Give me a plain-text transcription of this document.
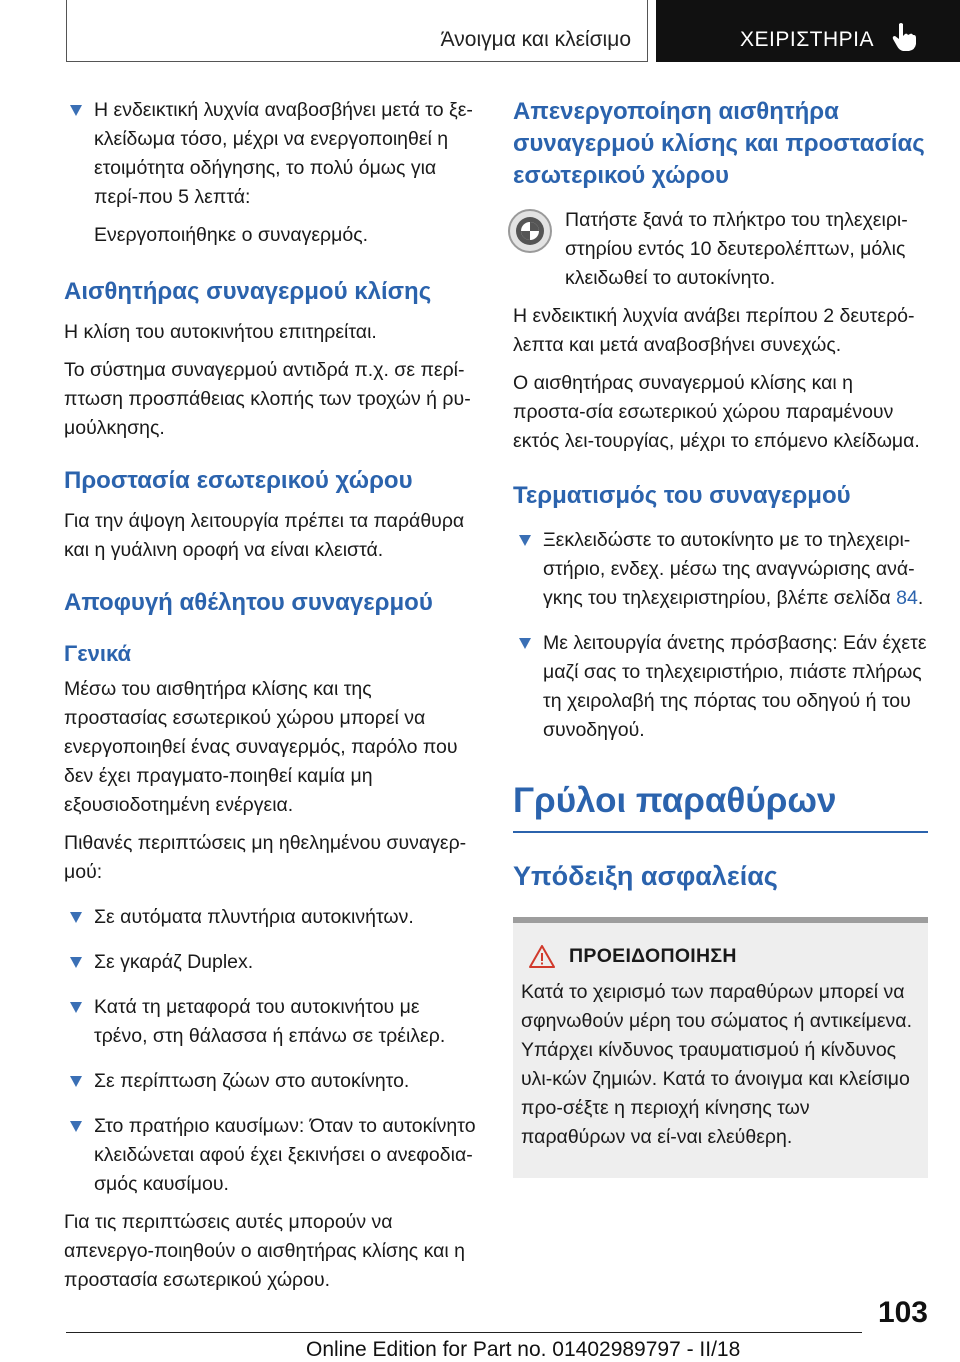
Άνοιγμα και κλείσιμο	ΧΕΙΡΙΣΤΗΡΙΑ

Η ενδεικτική λυχνία αναβοσβήνει μετά το ξε-κλείδωμα τόσο, μέχρι να ενεργοποιηθεί η ετοιμότητα οδήγησης, το πολύ όμως για περί-που 5 λεπτά:

Ενεργοποιήθηκε ο συναγερμός.

Αισθητήρας συναγερμού κλίσης

Η κλίση του αυτοκινήτου επιτηρείται.

Το σύστημα συναγερμού αντιδρά π.χ. σε περί-πτωση προσπάθειας κλοπής των τροχών ή ρυ-μούλκησης.

Προστασία εσωτερικού χώρου

Για την άψογη λειτουργία πρέπει τα παράθυρα και η γυάλινη οροφή να είναι κλειστά.

Αποφυγή αθέλητου συναγερμού
Γενικά

Μέσω του αισθητήρα κλίσης και της προστασίας εσωτερικού χώρου μπορεί να ενεργοποιηθεί ένας συναγερμός, παρόλο που δεν έχει πραγματο-ποιηθεί καμία μη εξουσιοδοτημένη ενέργεια.

Πιθανές περιπτώσεις μη ηθελημένου συναγερ-μού:

Σε αυτόματα πλυντήρια αυτοκινήτων.

Σε γκαράζ Duplex.

Κατά τη μεταφορά του αυτοκινήτου με τρένο, στη θάλασσα ή επάνω σε τρέιλερ.

Σε περίπτωση ζώων στο αυτοκίνητο.

Στο πρατήριο καυσίμων: Όταν το αυτοκίνητο κλειδώνεται αφού έχει ξεκινήσει ο ανεφοδια-σμός καυσίμου.

Για τις περιπτώσεις αυτές μπορούν να απενεργο-ποιηθούν ο αισθητήρας κλίσης και η προστασία εσωτερικού χώρου.

Απενεργοποίηση αισθητήρα συναγερμού κλίσης και προστασίας εσωτερικού χώρου

Πατήστε ξανά το πλήκτρο του τηλεχειρι-στηρίου εντός 10 δευτερολέπτων, μόλις κλειδωθεί το αυτοκίνητο.

Η ενδεικτική λυχνία ανάβει περίπου 2 δευτερό-λεπτα και μετά αναβοσβήνει συνεχώς.

Ο αισθητήρας συναγερμού κλίσης και η προστα-σία εσωτερικού χώρου παραμένουν εκτός λει-τουργίας, μέχρι το επόμενο κλείδωμα.

Τερματισμός του συναγερμού

Ξεκλειδώστε το αυτοκίνητο με το τηλεχειρι-στήριο, ενδεχ. μέσω της αναγνώρισης ανά-γκης του τηλεχειριστηρίου, βλέπε σελίδα 84.

Με λειτουργία άνετης πρόσβασης: Εάν έχετε μαζί σας το τηλεχειριστήριο, πιάστε πλήρως τη χειρολαβή της πόρτας του οδηγού ή του συνοδηγού.

Γρύλοι παραθύρων

Υπόδειξη ασφαλείας

ΠΡΟΕΙΔΟΠΟΙΗΣΗ

Κατά το χειρισμό των παραθύρων μπορεί να σφηνωθούν μέρη του σώματος ή αντικείμενα. Υπάρχει κίνδυνος τραυματισμού ή κίνδυνος υλι-κών ζημιών. Κατά το άνοιγμα και κλείσιμο προ-σέξτε η περιοχή κίνησης των παραθύρων να εί-ναι ελεύθερη.

103
Online Edition for Part no. 01402989797 - II/18
